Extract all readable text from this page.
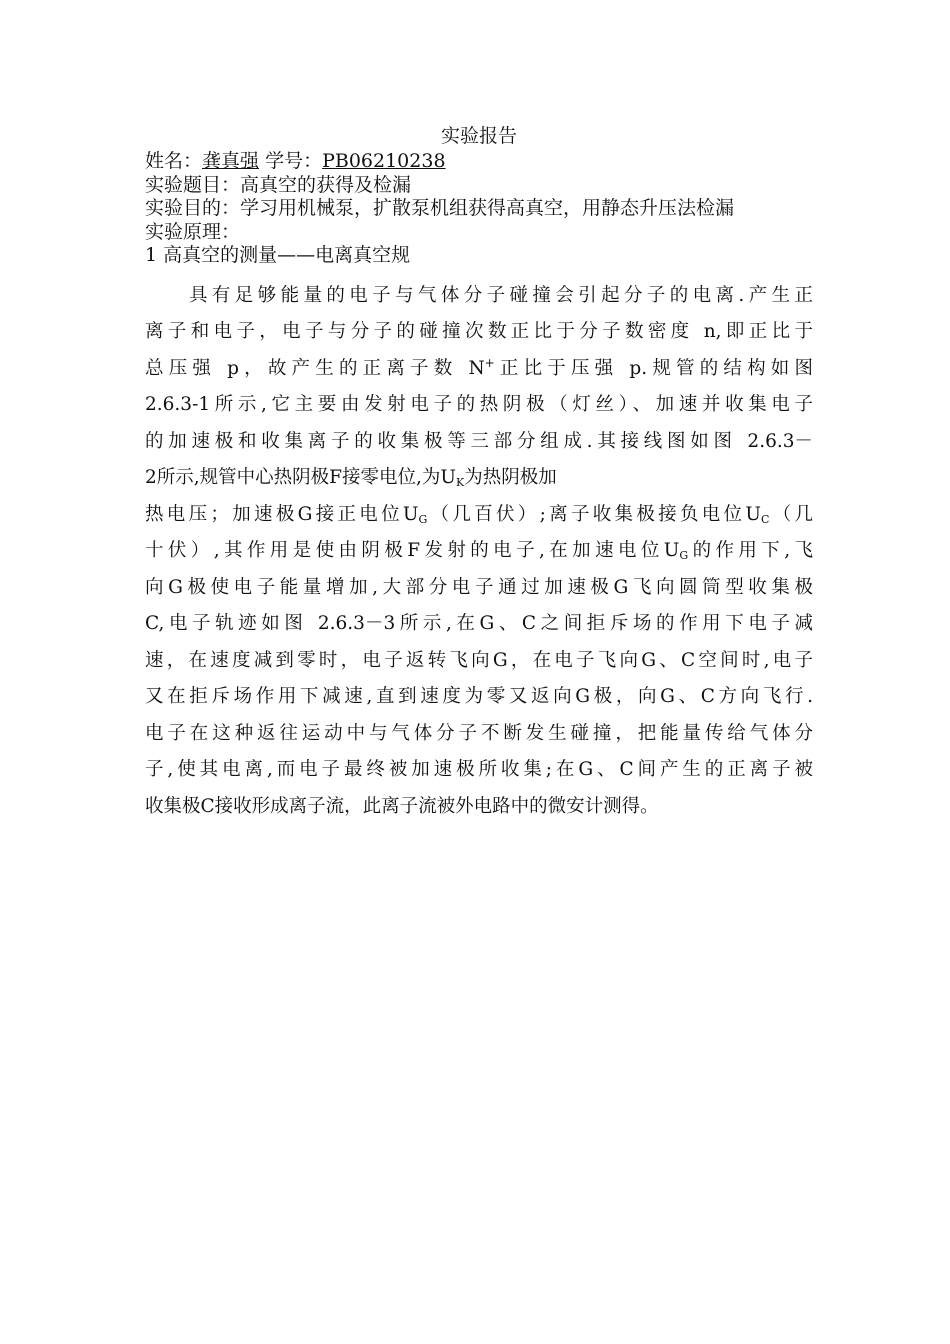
实验报告
姓名：龚真强 学号：PB06210238
实验题目：高真空的获得及检漏
实验目的：学习用机械泵，扩散泵机组获得高真空，用静态升压法检漏
实验原理：
1 高真空的测量——电离真空规
具有足够能量的电子与气体分子碰撞会引起分子的电离.产生正
离子和电子，电子与分子的碰撞次数正比于分子数密度 n,即正比于
总压强 p，故产生的正离子数 N+正比于压强 p.规管的结构如图
2.6.3-1所示,它主要由发射电子的热阴极（灯丝）、加速并收集电子
的加速极和收集离子的收集极等三部分组成.其接线图如图 2.6.3－
2所示,规管中心热阴极F接零电位,为UK为热阴极加
热电压；加速极G接正电位UG（几百伏）;离子收集极接负电位UC（几
十伏）,其作用是使由阴极F发射的电子,在加速电位UG的作用下,飞
向G极使电子能量增加,大部分电子通过加速极G飞向圆筒型收集极
C,电子轨迹如图 2.6.3－3所示,在G、C之间拒斥场的作用下电子减
速，在速度减到零时，电子返转飞向G，在电子飞向G、C空间时,电子
又在拒斥场作用下减速,直到速度为零又返向G极，向G、C方向飞行.
电子在这种返往运动中与气体分子不断发生碰撞，把能量传给气体分
子,使其电离,而电子最终被加速极所收集;在G、C间产生的正离子被
收集极C接收形成离子流，此离子流被外电路中的微安计测得。
